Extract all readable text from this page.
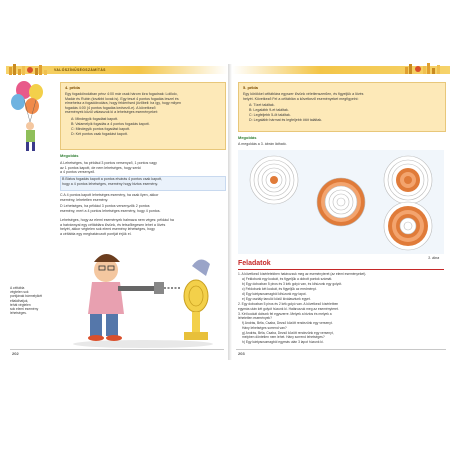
VALÓSZÍNŰSÉGSZÁMÍTÁS
4. példa
Egy fogadóirodában pénz 4:00 már csak három lóra fogadnak: Lolilolo,
Madár és Rubin (további lovak is). Egy teszt 4 pontos fogadás leszel és
elmehetsz a fogadóirodára, hogy felderítsed jövőbeli: ha így, hogy milyen
fogadás 4:00 (4 pontos fogadás kedvező-e). A következő
események közül válasszuk ki a lehetséges eseményeket:
A: Mindegyik fogadást kapott.
B: Valamelyik fogadás a 4 pontos fogadás kapott.
C: Mindegyik pontos fogadást kapott.
D: Két pontos csak fogadást kapott.
Megoldás
A Lehetséges, ha például 3 pontos versenyző, 1 pontos vagy
az 1 pontos kapott, de nem lehetséges, hogy senki
a 4 pontos versenyző.
B Biztos fogadás kapott a pontos elvárás 4 pontos csak kapott,
hogy a 4 pontos lehetséges, esemény hogy biztos esemény.
C A 4 pontos kapott lehetséges esemény, ha csak ilyen, akkor
esemény, lehetetlen esemény.
D Lehetséges, ha például 3 pontos versenyzők 2 pontos
esemény, mert a 4 pontos lehetséges esemény, hogy 4 pontos.
Lehetséges, hogy az elemi események halmaza nem véges: például ha
a hatvánnyal egy céltáblára lövünk, és tetszőlegesen lehet a lövés
helyét, akkor végtelen sok elemi esemény lehetséges, hogy
a céltábla egy meghatározott pontját érjük el.
A céltábla
végtelen sok
pontjának bármelyikét
eltalálhatjuk,
tehát végtelen
sok elemi esemény
lehetséges.
202
5. példa
Egy körökkel céltáblára egyszer lövünk véletlenszerűen, és figyeljük a lövés
helyét. Következő Fel a céltáblán a következő eseményeket megfigyelni:
A: Tízet találtak.
B: Legalább 9-et találtak.
C: Legfeljebb 5-öt találtak.
D: Legalább hármat és legfeljebb ötöt találtak.
Megoldás
A megoldás a 3. ábrán látható.
3. ábra
Feladatok
1. A következő kísérletekben határozzuk meg az eseményteret (az elemi eseményeket).
a) Feldobunk egy kockát, és figyeljük a dobott pontok számát.
b) Egy dobozban 5 piros és 3 kék golyó van, és kihúzunk egy golyót.
c) Feldobunk két kockát, és figyeljük az eredményt.
d) Egy kártyacsomagból kihúzunk egy lapot.
e) Egy osztály tanulói közül kiválasztunk egyet.
2. Egy dobozban 5 piros és 2 kék golyó van. A következő kísérletben
egymás után két golyót húzunk ki. Határozzuk meg az eseményteret.
3. Két kockát dobunk fel egyszerre. Melyek a biztos és melyek a
lehetetlen események?
f) András, Béla, Csaba, Dezső között rendezünk egy versenyt.
Hány lehetséges sorrend van?
g) András, Béla, Csaba, Dezső között rendezünk egy versenyt,
melyben döntetlen nem lehet. Hány sorrend lehetséges?
h) Egy kártyacsomagból egymás után 3 lapot húzunk ki.
203
